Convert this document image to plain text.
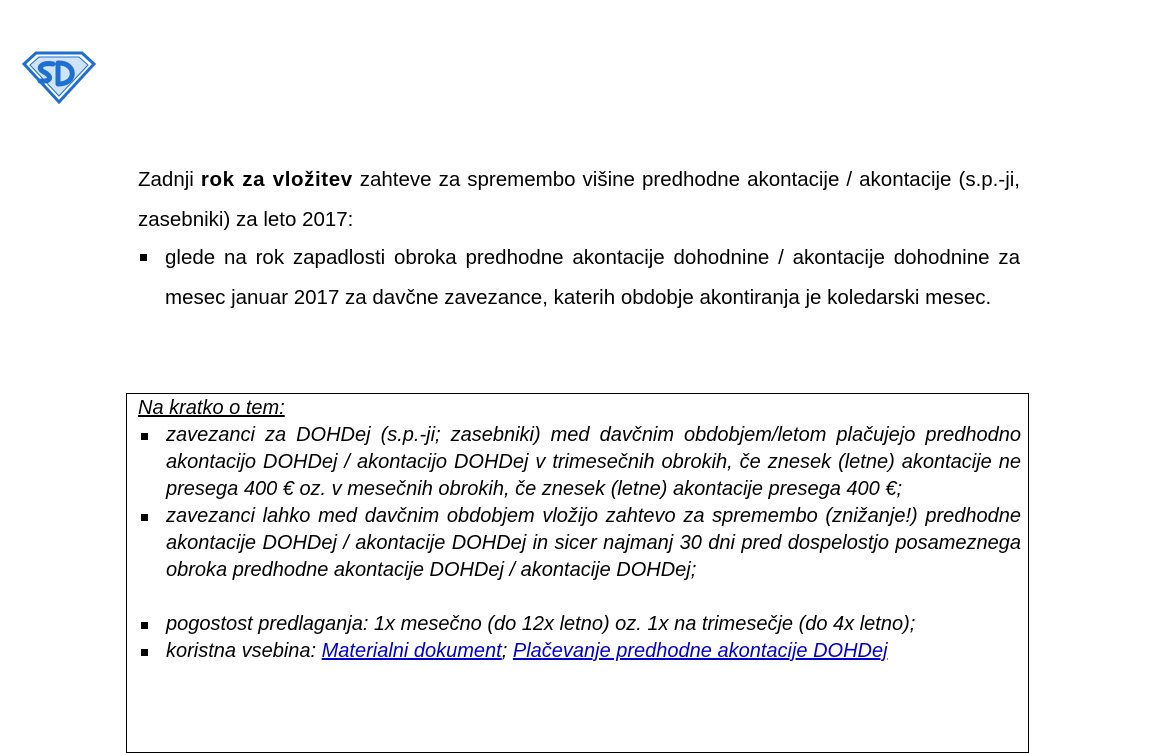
Zadnji rok za vložitev zahteve za spremembo višine predhodne akontacije / akontacije (s.p.-ji, zasebniki) za leto 2017:

glede na rok zapadlosti obroka predhodne akontacije dohodnine / akontacije dohodnine za mesec januar 2017 za davčne zavezance, katerih obdobje akontiranja je koledarski mesec.

Na kratko o tem:

zavezanci za DOHDej (s.p.-ji; zasebniki) med davčnim obdobjem/letom plačujejo predhodno akontacijo DOHDej / akontacijo DOHDej v trimesečnih obrokih, če znesek (letne) akontacije ne presega 400 € oz. v mesečnih obrokih, če znesek (letne) akontacije presega 400 €;
zavezanci lahko med davčnim obdobjem vložijo zahtevo za spremembo (znižanje!) predhodne akontacije DOHDej / akontacije DOHDej in sicer najmanj 30 dni pred dospelostjo posameznega obroka predhodne akontacije DOHDej / akontacije DOHDej;
pogostost predlaganja: 1x mesečno (do 12x letno) oz. 1x na trimesečje (do 4x letno);
koristna vsebina: Materialni dokument; Plačevanje predhodne akontacije DOHDej
